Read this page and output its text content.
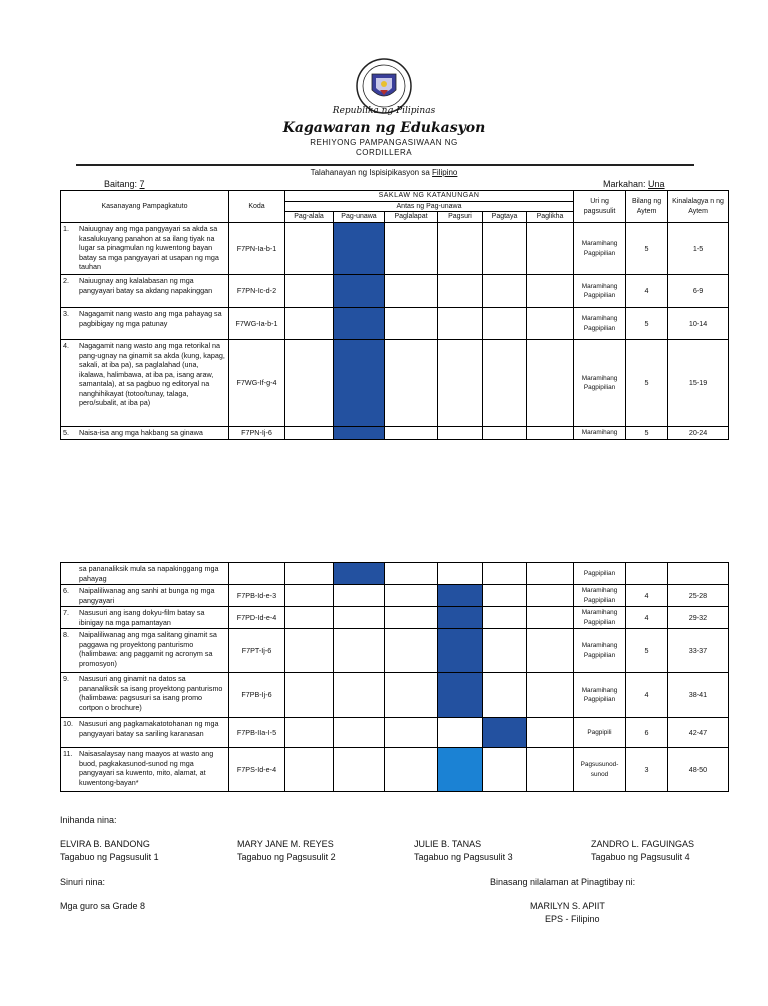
Republika ng Pilipinas
Kagawaran ng Edukasyon
REHIYONG PAMPANGASIWAAN NG
CORDILLERA
Talahanayan ng Ispisipikasyon sa Filipino
Baitang: 7	Markahan: Una
Kasanayang Pampagkatuto	Koda	SAKLAW NG KATANUNGAN						Uri ng pagsusulit	Bilang ng Aytem	Kinalalagya n ng Aytem
		Antas ng Pag-unawa								
		Pag-alala	Pag-unawa	Paglalapat	Pagsuri	Pagtaya	Paglikha			

1. Naiuugnay ang mga pangyayari sa akda sa kasalukuyang panahon at sa ilang tiyak na lugar sa pinagmulan ng kuwentong bayan batay sa mga pangyayari at usapan ng mga tauhan	F7PN-Ia-b-1							Maramihang Pagpipilian	5	1-5

2. Naiuugnay ang kalalabasan ng mga pangyayari batay sa akdang napakinggan	F7PN-Ic-d-2							Maramihang Pagpipilian	4	6-9

3. Nagagamit nang wasto ang mga pahayag sa pagbibigay ng mga patunay	F7WG-Ia-b-1							Maramihang Pagpipilian	5	10-14

4. Nagagamit nang wasto ang mga retorikal na pang-ugnay na ginamit sa akda (kung, kapag, sakali, at iba pa), sa paglalahad (una, ikalawa, halimbawa, at iba pa, isang araw, samantala), at sa pagbuo ng editoryal na nanghihikayat (totoo/tunay, talaga, pero/subalit, at iba pa)	F7WG-If-g-4							Maramihang Pagpipilian	5	15-19

5. Naisa-isa ang mga hakbang sa ginawa	F7PN-Ij-6							Maramihang	5	20-24
sa pananaliksik mula sa napakinggang mga pahayag								Pagpipilian		

6. Naipaliliwanag ang sanhi at bunga ng mga pangyayari	F7PB-Id-e-3							Maramihang Pagpipilian	4	25-28

7. Nasusuri ang isang dokyu-film batay sa ibinigay na mga pamantayan	F7PD-Id-e-4							Maramihang Pagpipilian	4	29-32

8. Naipaliliwanag ang mga salitang ginamit sa paggawa ng proyektong panturismo (halimbawa: ang paggamit ng acronym sa promosyon)	F7PT-Ij-6							Maramihang Pagpipilian	5	33-37

9. Nasusuri ang ginamit na datos sa pananaliksik sa isang proyektong panturismo (halimbawa: pagsusuri sa isang promo cortpon o brochure)	F7PB-Ij-6							Maramihang Pagpipilian	4	38-41

10. Nasusuri ang pagkamakatotohanan ng mga pangyayari batay sa sariling karanasan	F7PB-IIa-I-5							Pagpipili	6	42-47

11. Naisasalaysay nang maayos at wasto ang buod, pagkakasunod-sunod ng mga pangyayari sa kuwento, mito, alamat, at kuwentong-bayan*	F7PS-Id-e-4							Pagsusunod-sunod	3	48-50
Inihanda nina:
ELVIRA B. BANDONG
Tagabuo ng Pagsusulit 1
MARY JANE M. REYES
Tagabuo ng Pagsusulit 2
JULIE B. TANAS
Tagabuo ng Pagsusulit 3
ZANDRO L. FAGUINGAS
Tagabuo ng Pagsusulit 4
Sinuri nina:	Binasang nilalaman at Pinagtibay ni:
Mga guro sa Grade 8	MARILYN S. APIIT
EPS - Filipino
